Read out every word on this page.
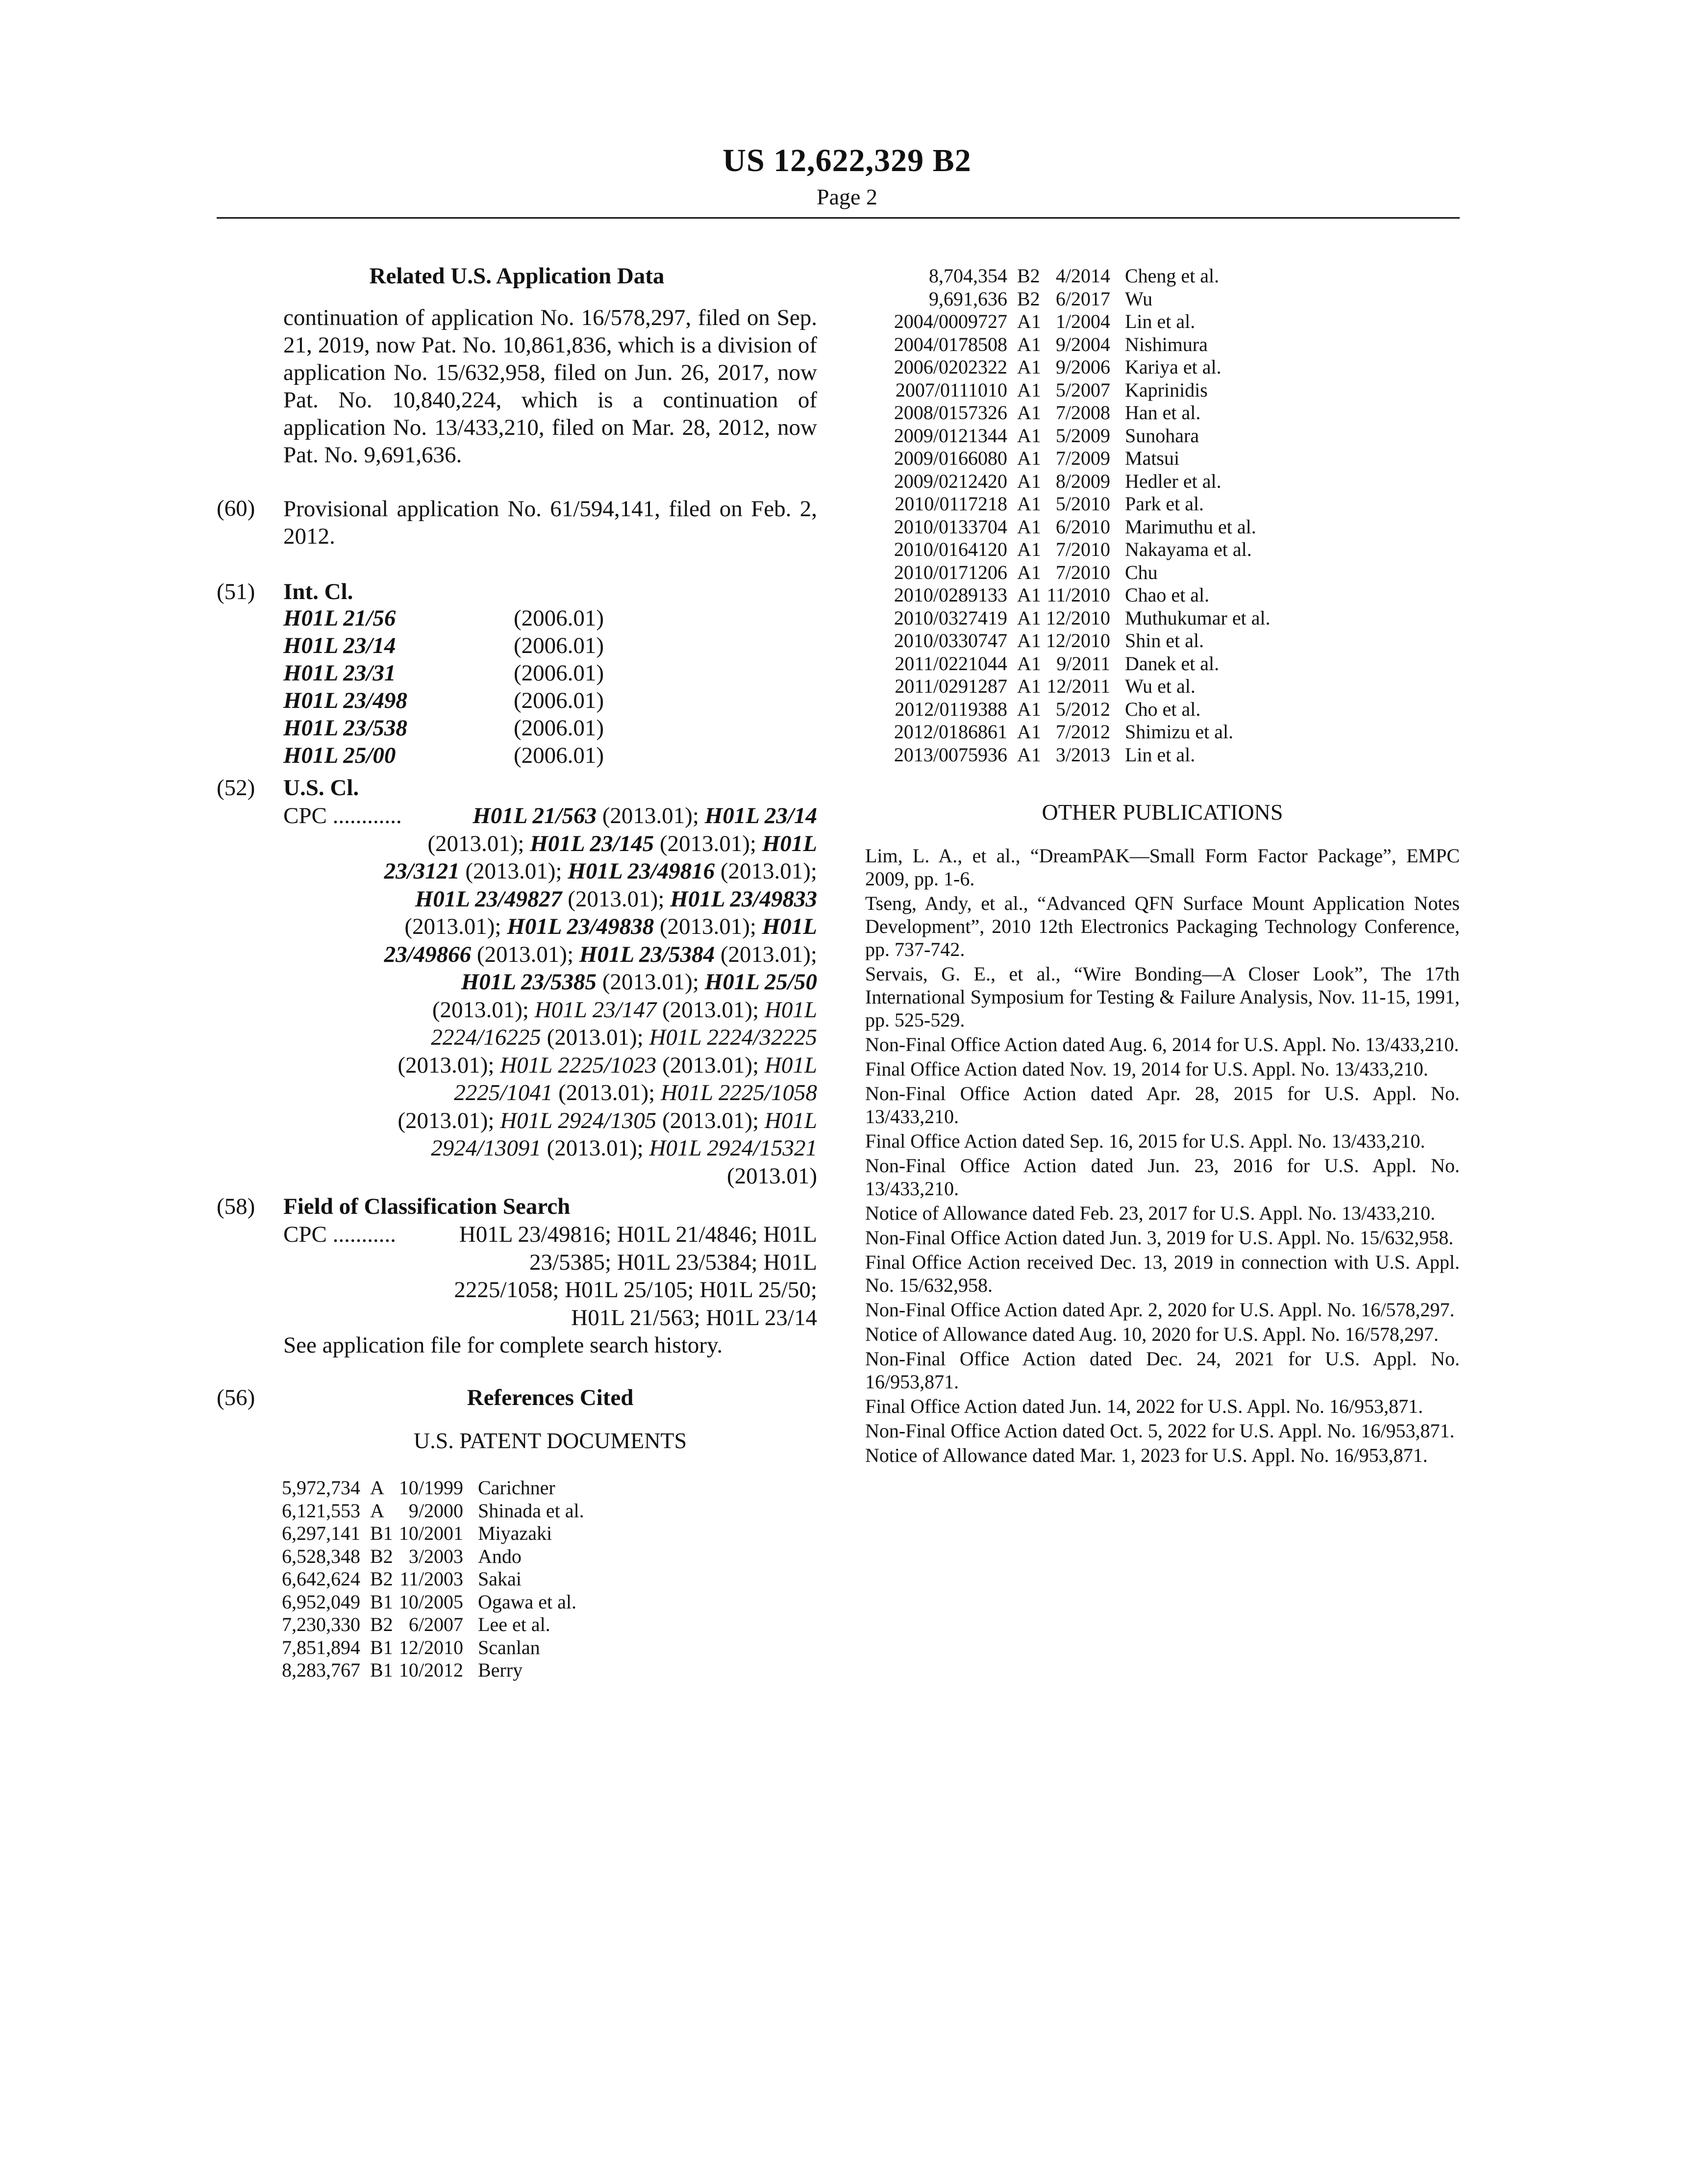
US 12,622,329 B2
Page 2
Related U.S. Application Data
continuation of application No. 16/578,297, filed on Sep. 21, 2019, now Pat. No. 10,861,836, which is a division of application No. 15/632,958, filed on Jun. 26, 2017, now Pat. No. 10,840,224, which is a continuation of application No. 13/433,210, filed on Mar. 28, 2012, now Pat. No. 9,691,636.
(60) Provisional application No. 61/594,141, filed on Feb. 2, 2012.
(51) Int. Cl.
H01L 21/56	(2006.01)
H01L 23/14	(2006.01)
H01L 23/31	(2006.01)
H01L 23/498	(2006.01)
H01L 23/538	(2006.01)
H01L 25/00	(2006.01)
(52) U.S. Cl.
CPC ............	H01L 21/563 (2013.01); H01L 23/14
(2013.01); H01L 23/145 (2013.01); H01L
23/3121 (2013.01); H01L 23/49816 (2013.01);
H01L 23/49827 (2013.01); H01L 23/49833
(2013.01); H01L 23/49838 (2013.01); H01L
23/49866 (2013.01); H01L 23/5384 (2013.01);
H01L 23/5385 (2013.01); H01L 25/50
(2013.01); H01L 23/147 (2013.01); H01L
2224/16225 (2013.01); H01L 2224/32225
(2013.01); H01L 2225/1023 (2013.01); H01L
2225/1041 (2013.01); H01L 2225/1058
(2013.01); H01L 2924/1305 (2013.01); H01L
2924/13091 (2013.01); H01L 2924/15321
(2013.01)
(58) Field of Classification Search
CPC ...........	H01L 23/49816; H01L 21/4846; H01L
23/5385; H01L 23/5384; H01L
2225/1058; H01L 25/105; H01L 25/50;
H01L 21/563; H01L 23/14
See application file for complete search history.
(56)	References Cited
U.S. PATENT DOCUMENTS
5,972,734	A	10/1999	Carichner
6,121,553	A	9/2000	Shinada et al.
6,297,141	B1	10/2001	Miyazaki
6,528,348	B2	3/2003	Ando
6,642,624	B2	11/2003	Sakai
6,952,049	B1	10/2005	Ogawa et al.
7,230,330	B2	6/2007	Lee et al.
7,851,894	B1	12/2010	Scanlan
8,283,767	B1	10/2012	Berry
8,704,354	B2	4/2014	Cheng et al.
9,691,636	B2	6/2017	Wu
2004/0009727	A1	1/2004	Lin et al.
2004/0178508	A1	9/2004	Nishimura
2006/0202322	A1	9/2006	Kariya et al.
2007/0111010	A1	5/2007	Kaprinidis
2008/0157326	A1	7/2008	Han et al.
2009/0121344	A1	5/2009	Sunohara
2009/0166080	A1	7/2009	Matsui
2009/0212420	A1	8/2009	Hedler et al.
2010/0117218	A1	5/2010	Park et al.
2010/0133704	A1	6/2010	Marimuthu et al.
2010/0164120	A1	7/2010	Nakayama et al.
2010/0171206	A1	7/2010	Chu
2010/0289133	A1	11/2010	Chao et al.
2010/0327419	A1	12/2010	Muthukumar et al.
2010/0330747	A1	12/2010	Shin et al.
2011/0221044	A1	9/2011	Danek et al.
2011/0291287	A1	12/2011	Wu et al.
2012/0119388	A1	5/2012	Cho et al.
2012/0186861	A1	7/2012	Shimizu et al.
2013/0075936	A1	3/2013	Lin et al.
OTHER PUBLICATIONS

Lim, L. A., et al., “DreamPAK—Small Form Factor Package”, EMPC 2009, pp. 1-6.

Tseng, Andy, et al., “Advanced QFN Surface Mount Application Notes Development”, 2010 12th Electronics Packaging Technology Conference, pp. 737-742.

Servais, G. E., et al., “Wire Bonding—A Closer Look”, The 17th International Symposium for Testing & Failure Analysis, Nov. 11-15, 1991, pp. 525-529.

Non-Final Office Action dated Aug. 6, 2014 for U.S. Appl. No. 13/433,210.

Final Office Action dated Nov. 19, 2014 for U.S. Appl. No. 13/433,210.

Non-Final Office Action dated Apr. 28, 2015 for U.S. Appl. No. 13/433,210.

Final Office Action dated Sep. 16, 2015 for U.S. Appl. No. 13/433,210.

Non-Final Office Action dated Jun. 23, 2016 for U.S. Appl. No. 13/433,210.

Notice of Allowance dated Feb. 23, 2017 for U.S. Appl. No. 13/433,210.

Non-Final Office Action dated Jun. 3, 2019 for U.S. Appl. No. 15/632,958.

Final Office Action received Dec. 13, 2019 in connection with U.S. Appl. No. 15/632,958.

Non-Final Office Action dated Apr. 2, 2020 for U.S. Appl. No. 16/578,297.

Notice of Allowance dated Aug. 10, 2020 for U.S. Appl. No. 16/578,297.

Non-Final Office Action dated Dec. 24, 2021 for U.S. Appl. No. 16/953,871.

Final Office Action dated Jun. 14, 2022 for U.S. Appl. No. 16/953,871.

Non-Final Office Action dated Oct. 5, 2022 for U.S. Appl. No. 16/953,871.

Notice of Allowance dated Mar. 1, 2023 for U.S. Appl. No. 16/953,871.
